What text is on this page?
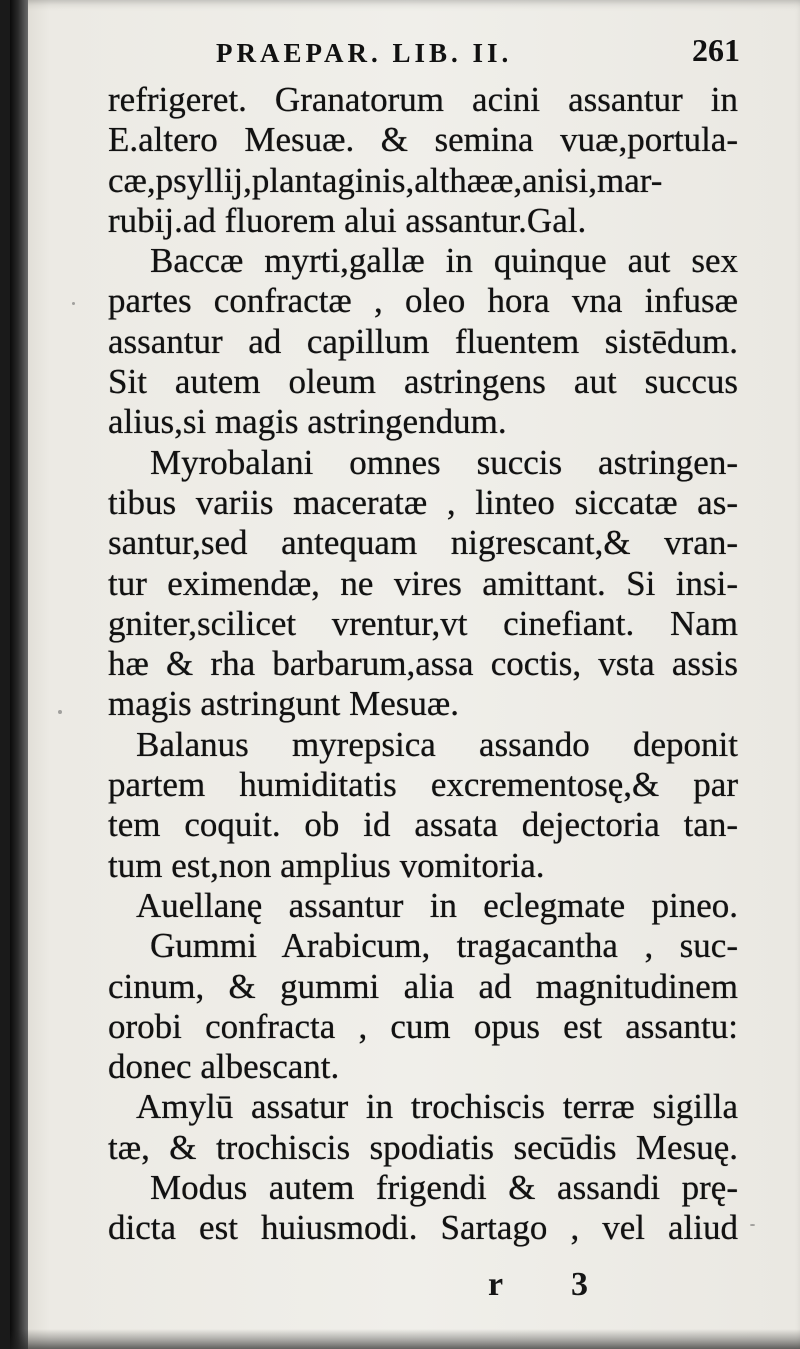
PRAEPAR. LIB. II.	261
refrigeret. Granatorum acini assantur in
E.altero Mesuæ. & semina vuæ,portula-
cæ,psyllij,plantaginis,althææ,anisi,mar-
rubij.ad fluorem alui assantur.Gal.
Baccæ myrti,gallæ in quinque aut sex
partes confractæ , oleo hora vna infusæ
assantur ad capillum fluentem sistēdum.
Sit autem oleum astringens aut succus
alius,si magis astringendum.
Myrobalani omnes succis astringen-
tibus variis maceratæ , linteo siccatæ as-
santur,sed antequam nigrescant,& vran-
tur eximendæ, ne vires amittant. Si insi-
gniter,scilicet vrentur,vt cinefiant. Nam
hæ & rha barbarum,assa coctis, vsta assis
magis astringunt Mesuæ.
Balanus myrepsica assando deponit
partem humiditatis excrementosę,& par
tem coquit. ob id assata dejectoria tan-
tum est,non amplius vomitoria.
Auellanę assantur in eclegmate pineo.
Gummi Arabicum, tragacantha , suc-
cinum, & gummi alia ad magnitudinem
orobi confracta , cum opus est assantu:
donec albescant.
Amylū assatur in trochiscis terræ sigilla
tæ, & trochiscis spodiatis secūdis Mesuę.
Modus autem frigendi & assandi prę-
dicta est huiusmodi. Sartago , vel aliud
r 3
